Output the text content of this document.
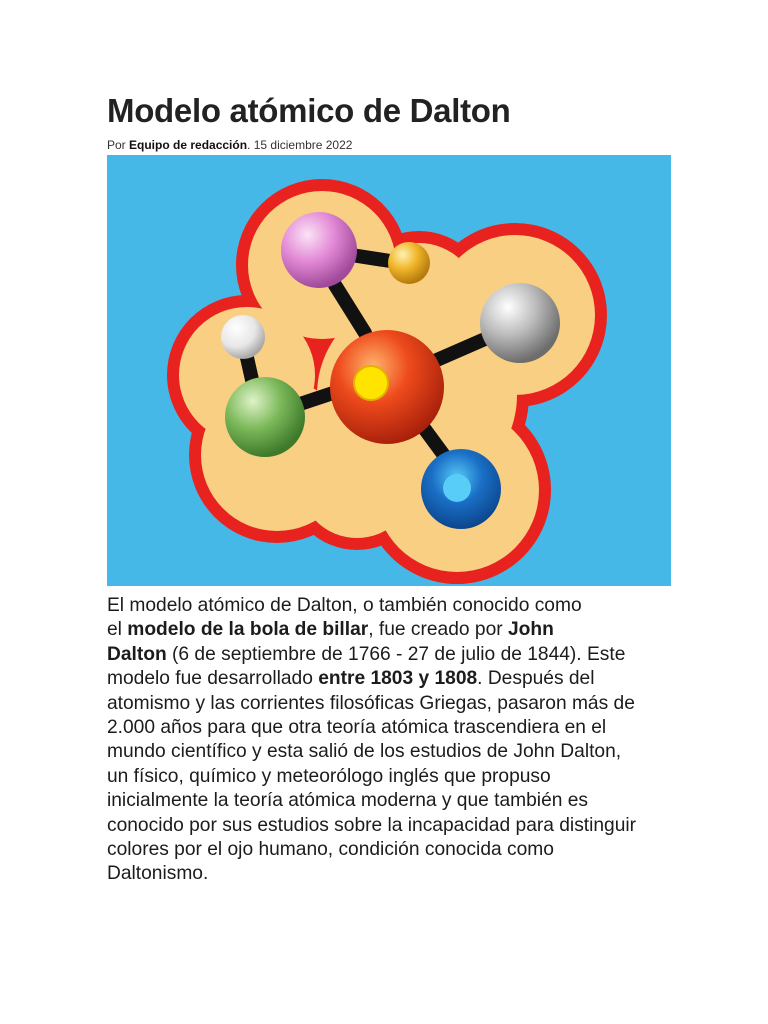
Modelo atómico de Dalton
Por Equipo de redacción. 15 diciembre 2022

El modelo atómico de Dalton, o también conocido como
el modelo de la bola de billar, fue creado por John
Dalton (6 de septiembre de 1766 - 27 de julio de 1844). Este
modelo fue desarrollado entre 1803 y 1808. Después del
atomismo y las corrientes filosóficas Griegas, pasaron más de
2.000 años para que otra teoría atómica trascendiera en el
mundo científico y esta salió de los estudios de John Dalton,
un físico, químico y meteorólogo inglés que propuso
inicialmente la teoría atómica moderna y que también es
conocido por sus estudios sobre la incapacidad para distinguir
colores por el ojo humano, condición conocida como
Daltonismo.
